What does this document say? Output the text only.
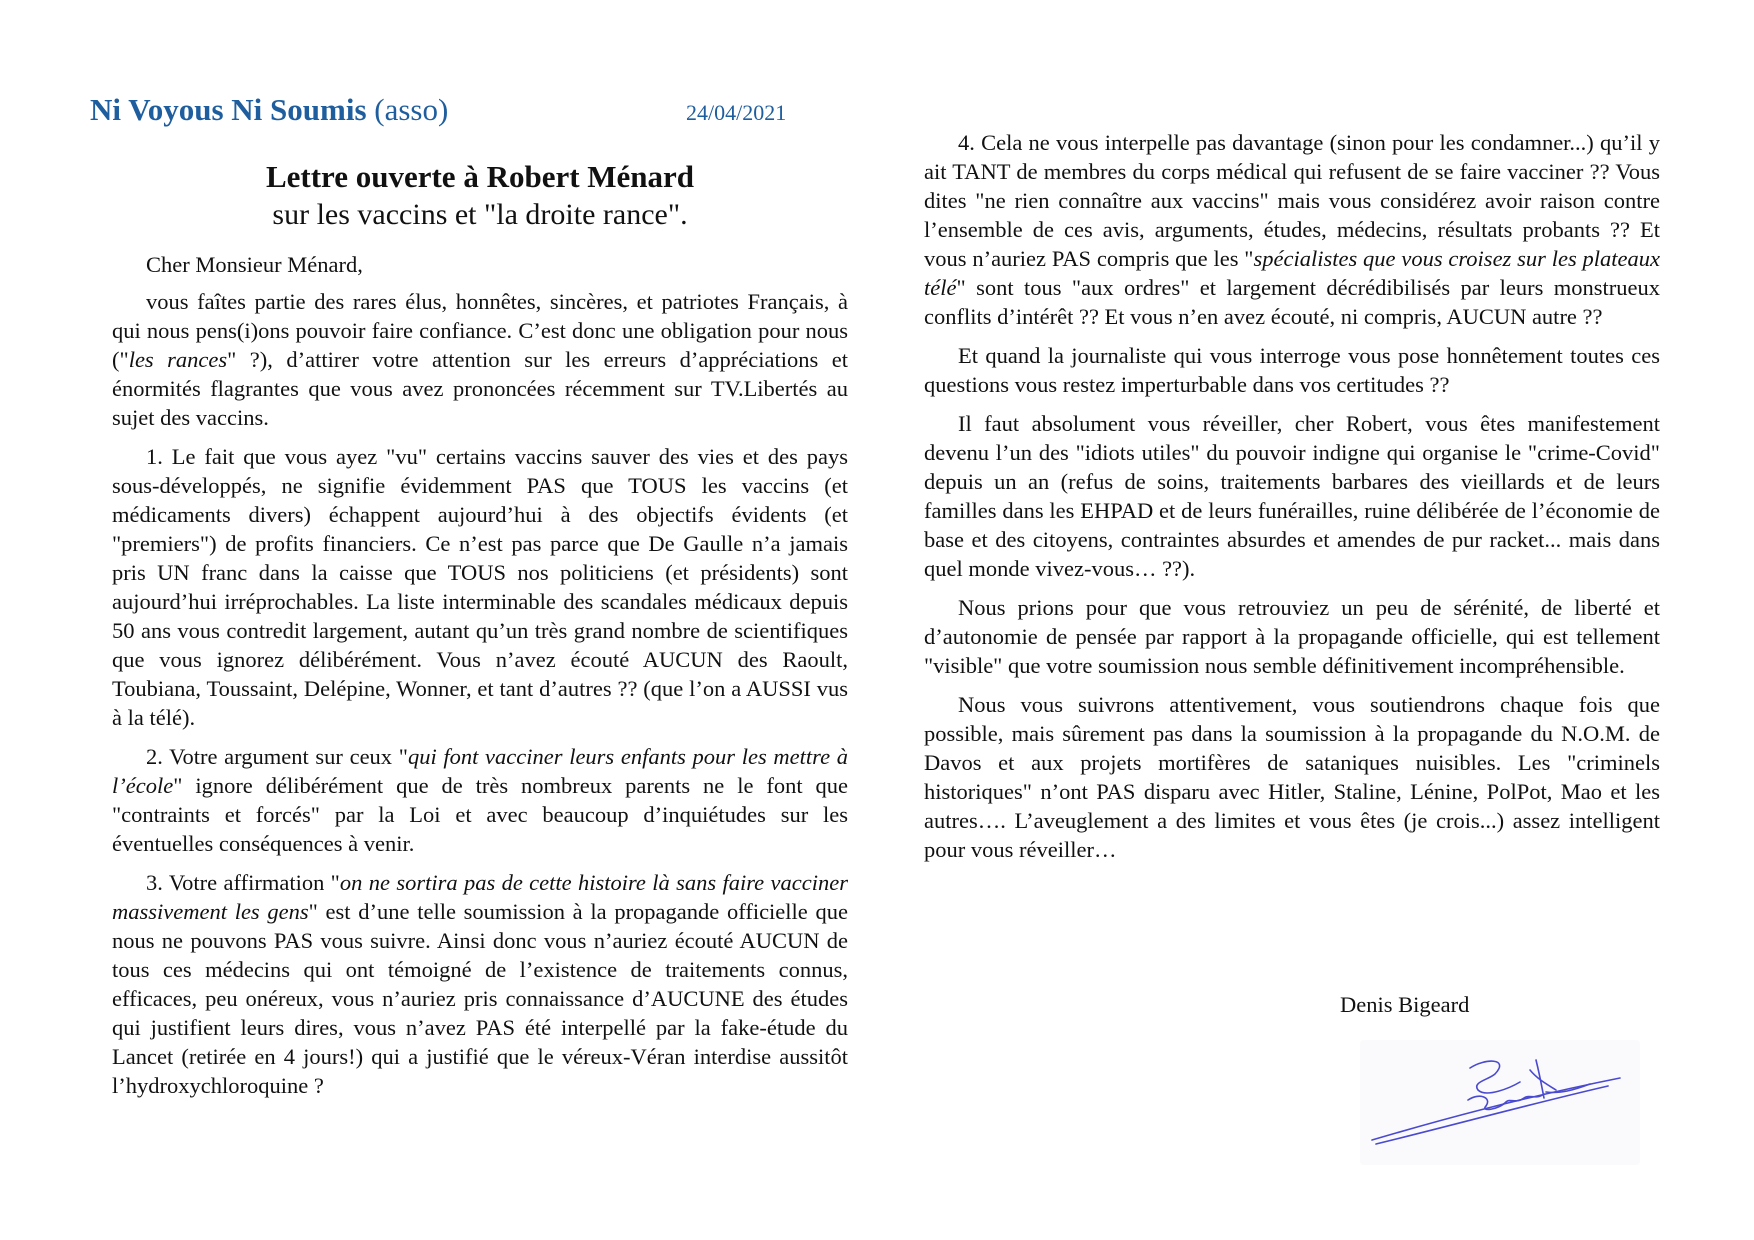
Ni Voyous Ni Soumis (asso)	24/04/2021
Lettre ouverte à Robert Ménard
sur les vaccins et "la droite rance".

Cher Monsieur Ménard,

vous faîtes partie des rares élus, honnêtes, sincères, et patriotes Français, à qui nous pens(i)ons pouvoir faire confiance. C’est donc une obligation pour nous ("les rances" ?), d’attirer votre attention sur les erreurs d’appréciations et énormités flagrantes que vous avez prononcées récemment sur TV.Libertés au sujet des vaccins.

1. Le fait que vous ayez "vu" certains vaccins sauver des vies et des pays sous-développés, ne signifie évidemment PAS que TOUS les vaccins (et médicaments divers) échappent aujourd’hui à des objectifs évidents (et "premiers") de profits financiers. Ce n’est pas parce que De Gaulle n’a jamais pris UN franc dans la caisse que TOUS nos politiciens (et présidents) sont aujourd’hui irréprochables. La liste interminable des scandales médicaux depuis 50 ans vous contredit largement, autant qu’un très grand nombre de scientifiques que vous ignorez délibérément. Vous n’avez écouté AUCUN des Raoult, Toubiana, Toussaint, Delépine, Wonner, et tant d’autres ?? (que l’on a AUSSI vus à la télé).

2. Votre argument sur ceux "qui font vacciner leurs enfants pour les mettre à l’école" ignore délibérément que de très nombreux parents ne le font que "contraints et forcés" par la Loi et avec beaucoup d’inquiétudes sur les éventuelles conséquences à venir.

3. Votre affirmation "on ne sortira pas de cette histoire là sans faire vacciner massivement les gens" est d’une telle soumission à la propagande officielle que nous ne pouvons PAS vous suivre. Ainsi donc vous n’auriez écouté AUCUN de tous ces médecins qui ont témoigné de l’existence de traitements connus, efficaces, peu onéreux, vous n’auriez pris connaissance d’AUCUNE des études qui justifient leurs dires, vous n’avez PAS été interpellé par la fake-étude du Lancet (retirée en 4 jours!) qui a justifié que le véreux-Véran interdise aussitôt l’hydroxychloroquine ?

4. Cela ne vous interpelle pas davantage (sinon pour les condamner...) qu’il y ait TANT de membres du corps médical qui refusent de se faire vacciner ?? Vous dites "ne rien connaître aux vaccins" mais vous considérez avoir raison contre l’ensemble de ces avis, arguments, études, médecins, résultats probants ?? Et vous n’auriez PAS compris que les "spécialistes que vous croisez sur les plateaux télé" sont tous "aux ordres" et largement décrédibilisés par leurs monstrueux conflits d’intérêt ?? Et vous n’en avez écouté, ni compris, AUCUN autre ??

Et quand la journaliste qui vous interroge vous pose honnêtement toutes ces questions vous restez imperturbable dans vos certitudes ??

Il faut absolument vous réveiller, cher Robert, vous êtes manifestement devenu l’un des "idiots utiles" du pouvoir indigne qui organise le "crime-Covid" depuis un an (refus de soins, traitements barbares des vieillards et de leurs familles dans les EHPAD et de leurs funérailles, ruine délibérée de l’économie de base et des citoyens, contraintes absurdes et amendes de pur racket... mais dans quel monde vivez-vous… ??).

Nous prions pour que vous retrouviez un peu de sérénité, de liberté et d’autonomie de pensée par rapport à la propagande officielle, qui est tellement "visible" que votre soumission nous semble définitivement incompréhensible.

Nous vous suivrons attentivement, vous soutiendrons chaque fois que possible, mais sûrement pas dans la soumission à la propagande du N.O.M. de Davos et aux projets mortifères de sataniques nuisibles. Les "criminels historiques" n’ont PAS disparu avec Hitler, Staline, Lénine, PolPot, Mao et les autres…. L’aveuglement a des limites et vous êtes (je crois...) assez intelligent pour vous réveiller…

Denis Bigeard
